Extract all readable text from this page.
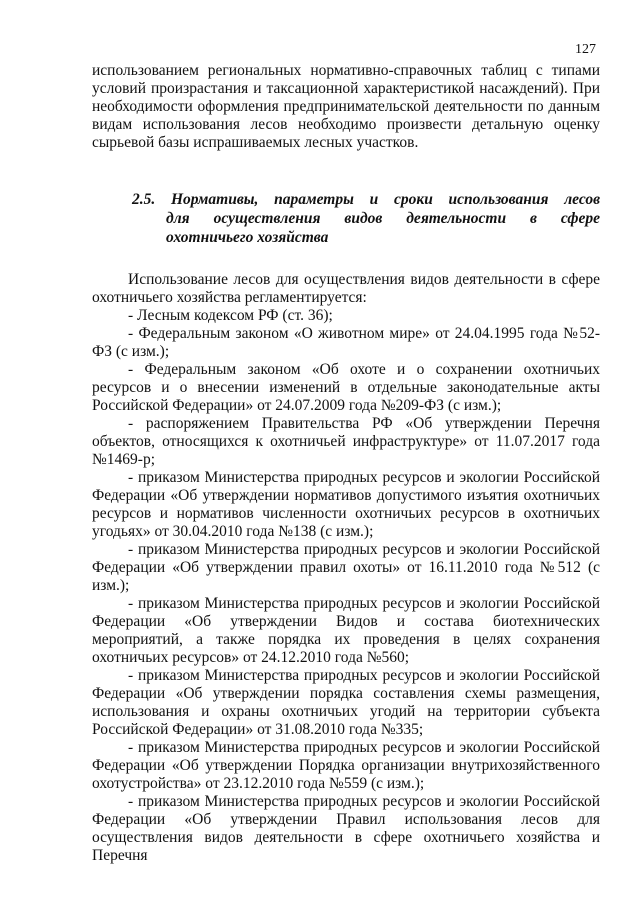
127

использованием региональных нормативно-справочных таблиц с типами условий произрастания и таксационной характеристикой насаждений). При необходимости оформления предпринимательской деятельности по данным видам использования лесов необходимо произвести детальную оценку сырьевой базы испрашиваемых лесных участков.

2.5. Нормативы, параметры и сроки использования лесов
для осуществления видов деятельности в сфере
охотничьего хозяйства

Использование лесов для осуществления видов деятельности в сфере охотничьего хозяйства регламентируется:

- Лесным кодексом РФ (ст. 36);

- Федеральным законом «О животном мире» от 24.04.1995 года №52-ФЗ (с изм.);

- Федеральным законом «Об охоте и о сохранении охотничьих ресурсов и о внесении изменений в отдельные законодательные акты Российской Федерации» от 24.07.2009 года №209-ФЗ (с изм.);

- распоряжением Правительства РФ «Об утверждении Перечня объектов, относящихся к охотничьей инфраструктуре» от 11.07.2017 года №1469-р;

- приказом Министерства природных ресурсов и экологии Российской Федерации «Об утверждении нормативов допустимого изъятия охотничьих ресурсов и нормативов численности охотничьих ресурсов в охотничьих угодьях» от 30.04.2010 года №138 (с изм.);

- приказом Министерства природных ресурсов и экологии Российской Федерации «Об утверждении правил охоты» от 16.11.2010 года №512 (с изм.);

- приказом Министерства природных ресурсов и экологии Российской Федерации «Об утверждении Видов и состава биотехнических мероприятий, а также порядка их проведения в целях сохранения охотничьих ресурсов» от 24.12.2010 года №560;

- приказом Министерства природных ресурсов и экологии Российской Федерации «Об утверждении порядка составления схемы размещения, использования и охраны охотничьих угодий на территории субъекта Российской Федерации» от 31.08.2010 года №335;

- приказом Министерства природных ресурсов и экологии Российской Федерации «Об утверждении Порядка организации внутрихозяйственного охотустройства» от 23.12.2010 года №559 (с изм.);

- приказом Министерства природных ресурсов и экологии Российской Федерации «Об утверждении Правил использования лесов для осуществления видов деятельности в сфере охотничьего хозяйства и Перечня
